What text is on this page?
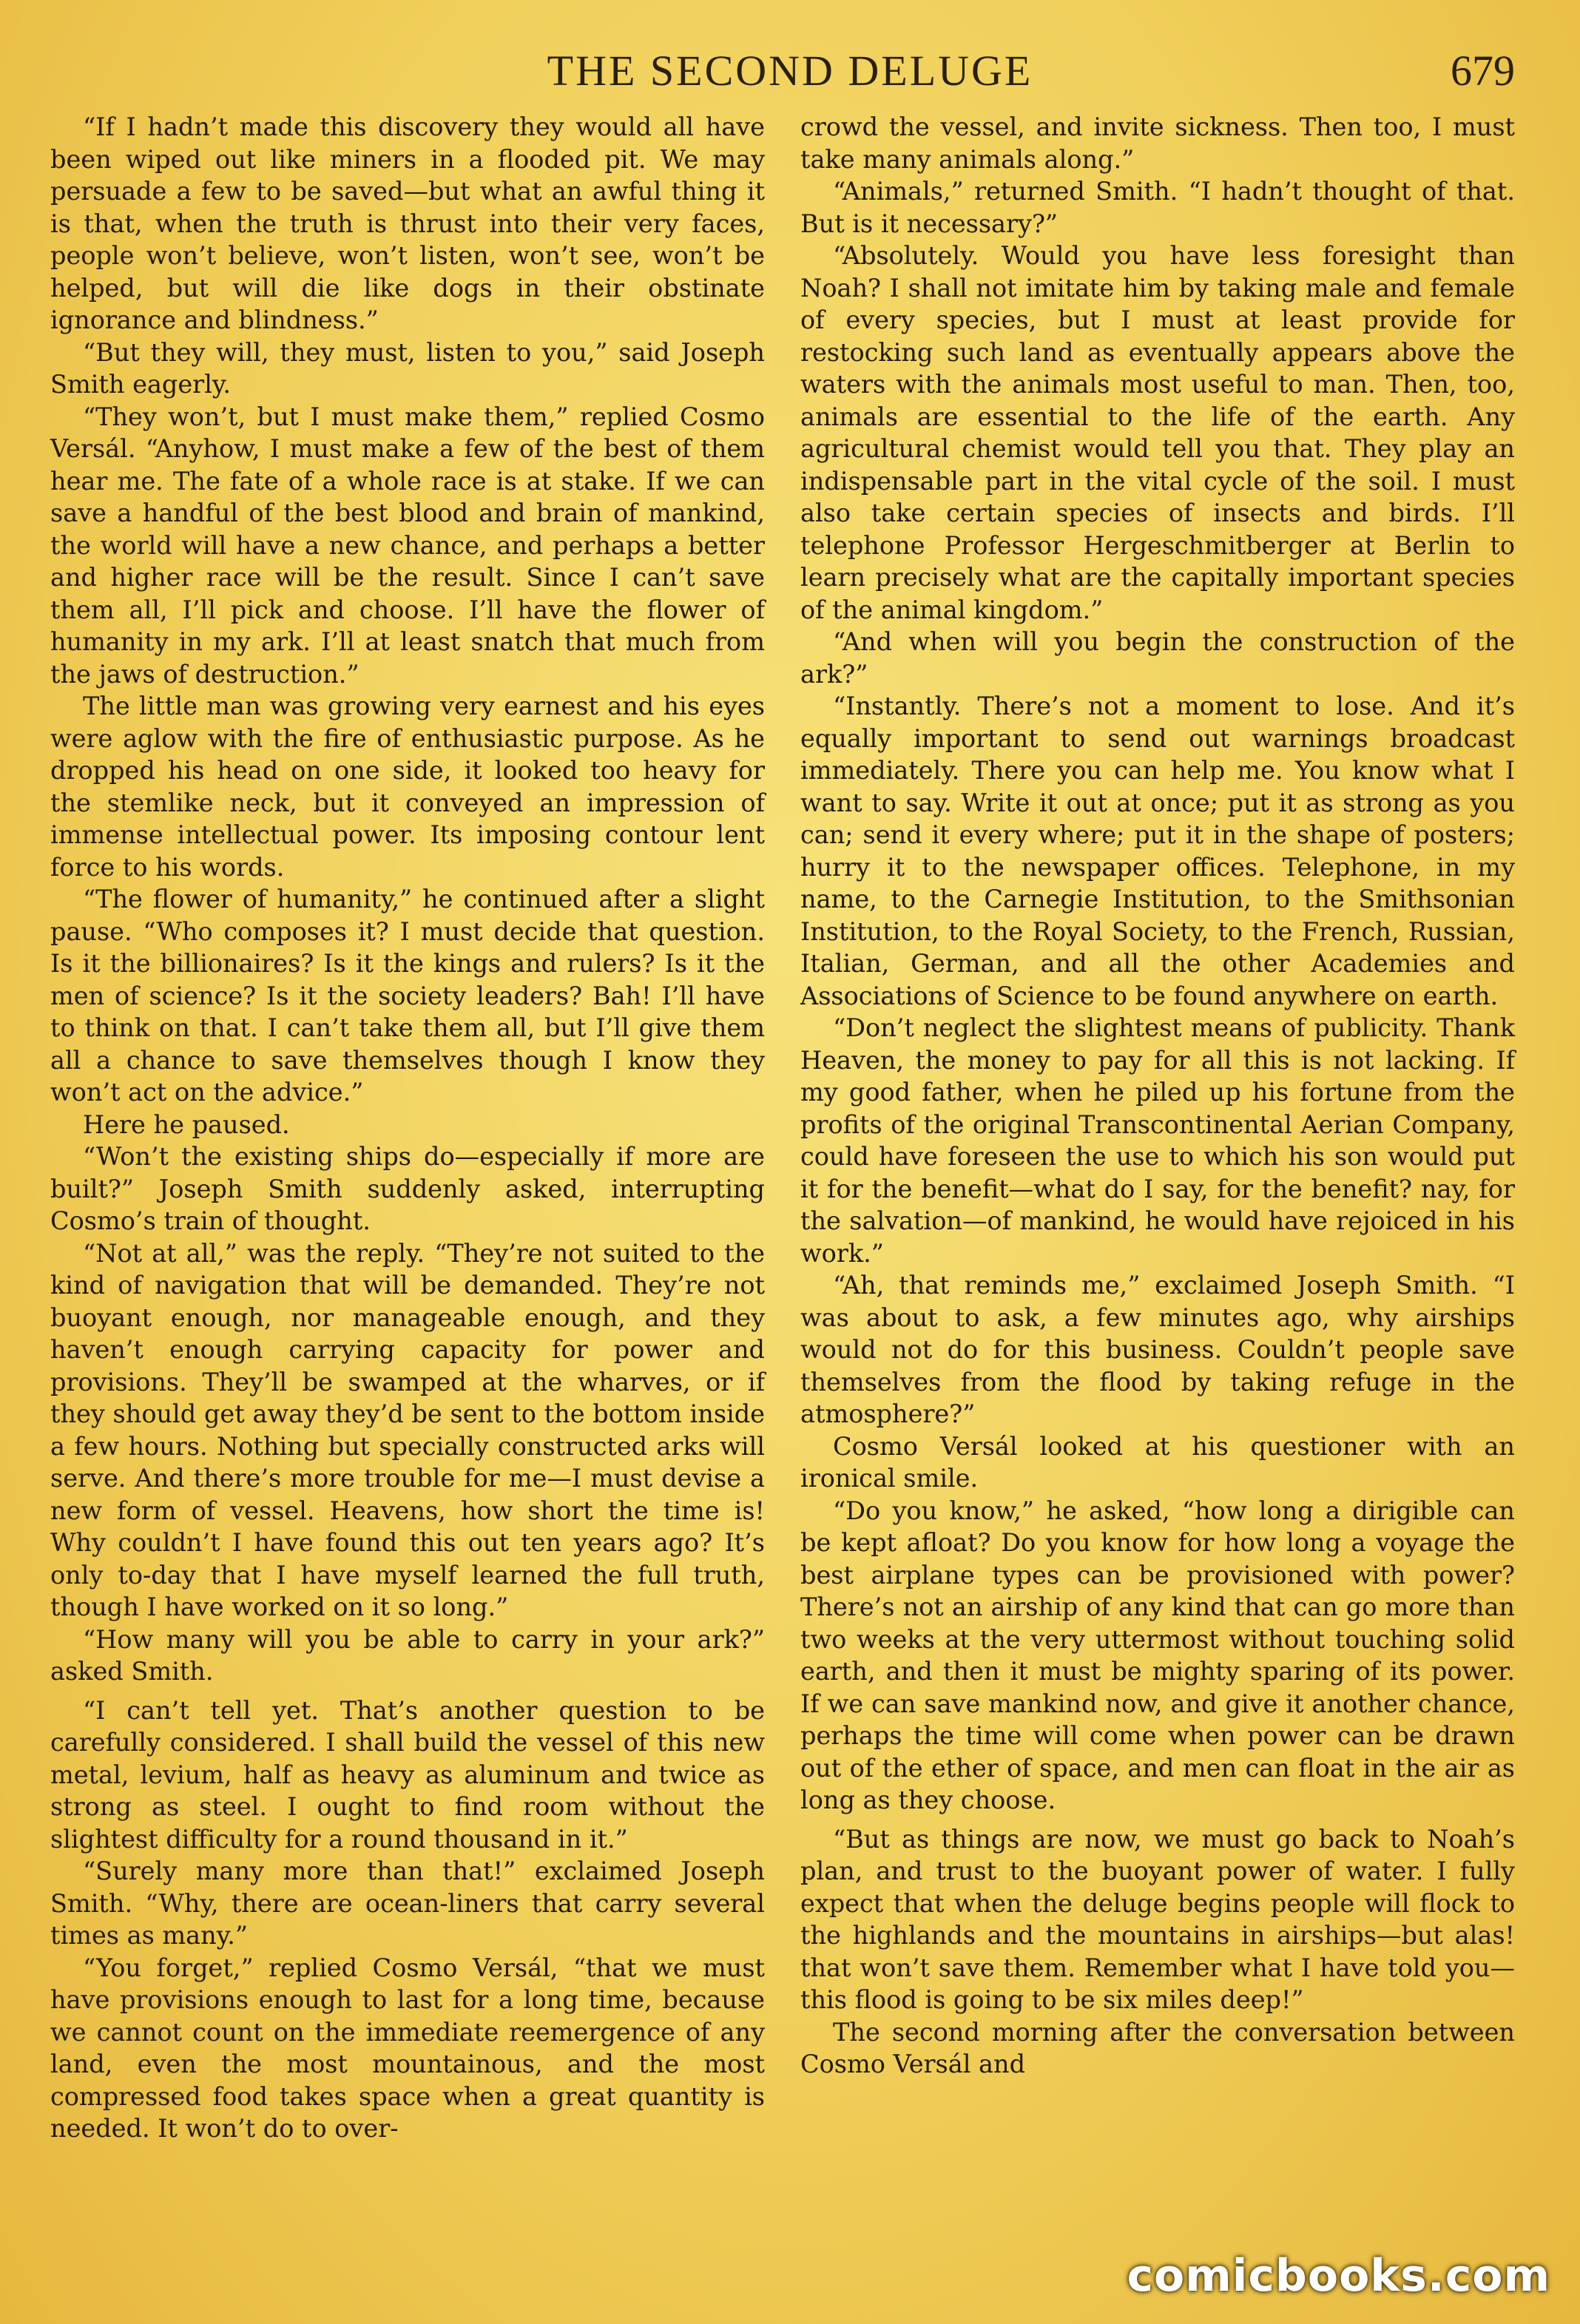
THE SECOND DELUGE	679

“If I hadn’t made this discovery they would all have been wiped out like miners in a flooded pit. We may persuade a few to be saved—but what an awful thing it is that, when the truth is thrust into their very faces, people won’t believe, won’t listen, won’t see, won’t be helped, but will die like dogs in their obstinate ignorance and blindness.”

“But they will, they must, listen to you,” said Joseph Smith eagerly.

“They won’t, but I must make them,” replied Cosmo Versál. “Anyhow, I must make a few of the best of them hear me. The fate of a whole race is at stake. If we can save a handful of the best blood and brain of mankind, the world will have a new chance, and perhaps a better and higher race will be the result. Since I can’t save them all, I’ll pick and choose. I’ll have the flower of humanity in my ark. I’ll at least snatch that much from the jaws of destruction.”

The little man was growing very earnest and his eyes were aglow with the fire of enthusiastic purpose. As he dropped his head on one side, it looked too heavy for the stemlike neck, but it conveyed an impression of immense intellectual power. Its imposing contour lent force to his words.

“The flower of humanity,” he continued after a slight pause. “Who composes it? I must decide that question. Is it the billionaires? Is it the kings and rulers? Is it the men of science? Is it the society leaders? Bah! I’ll have to think on that. I can’t take them all, but I’ll give them all a chance to save themselves though I know they won’t act on the advice.”

Here he paused.

“Won’t the existing ships do—especially if more are built?” Joseph Smith suddenly asked, interrupting Cosmo’s train of thought.

“Not at all,” was the reply. “They’re not suited to the kind of navigation that will be demanded. They’re not buoyant enough, nor manageable enough, and they haven’t enough carrying capacity for power and provisions. They’ll be swamped at the wharves, or if they should get away they’d be sent to the bottom inside a few hours. Nothing but specially constructed arks will serve. And there’s more trouble for me—I must devise a new form of vessel. Heavens, how short the time is! Why couldn’t I have found this out ten years ago? It’s only to-day that I have myself learned the full truth, though I have worked on it so long.”

“How many will you be able to carry in your ark?” asked Smith.

“I can’t tell yet. That’s another question to be carefully considered. I shall build the vessel of this new metal, levium, half as heavy as aluminum and twice as strong as steel. I ought to find room without the slightest difficulty for a round thousand in it.”

“Surely many more than that!” exclaimed Joseph Smith. “Why, there are ocean-liners that carry several times as many.”

“You forget,” replied Cosmo Versál, “that we must have provisions enough to last for a long time, because we cannot count on the immediate reemergence of any land, even the most mountainous, and the most compressed food takes space when a great quantity is needed. It won’t do to over-

crowd the vessel, and invite sickness. Then too, I must take many animals along.”

“Animals,” returned Smith. “I hadn’t thought of that. But is it necessary?”

“Absolutely. Would you have less foresight than Noah? I shall not imitate him by taking male and female of every species, but I must at least provide for restocking such land as eventually appears above the waters with the animals most useful to man. Then, too, animals are essential to the life of the earth. Any agricultural chemist would tell you that. They play an indispensable part in the vital cycle of the soil. I must also take certain species of insects and birds. I’ll telephone Professor Hergeschmitberger at Berlin to learn precisely what are the capitally important species of the animal kingdom.”

“And when will you begin the construction of the ark?”

“Instantly. There’s not a moment to lose. And it’s equally important to send out warnings broadcast immediately. There you can help me. You know what I want to say. Write it out at once; put it as strong as you can; send it every where; put it in the shape of posters; hurry it to the newspaper offices. Telephone, in my name, to the Carnegie Institution, to the Smithsonian Institution, to the Royal Society, to the French, Russian, Italian, German, and all the other Academies and Associations of Science to be found anywhere on earth.

“Don’t neglect the slightest means of publicity. Thank Heaven, the money to pay for all this is not lacking. If my good father, when he piled up his fortune from the profits of the original Transcontinental Aerian Company, could have foreseen the use to which his son would put it for the benefit—what do I say, for the benefit? nay, for the salvation—of mankind, he would have rejoiced in his work.”

“Ah, that reminds me,” exclaimed Joseph Smith. “I was about to ask, a few minutes ago, why airships would not do for this business. Couldn’t people save themselves from the flood by taking refuge in the atmosphere?”

Cosmo Versál looked at his questioner with an ironical smile.

“Do you know,” he asked, “how long a dirigible can be kept afloat? Do you know for how long a voyage the best airplane types can be provisioned with power? There’s not an airship of any kind that can go more than two weeks at the very uttermost without touching solid earth, and then it must be mighty sparing of its power. If we can save mankind now, and give it another chance, perhaps the time will come when power can be drawn out of the ether of space, and men can float in the air as long as they choose.

“But as things are now, we must go back to Noah’s plan, and trust to the buoyant power of water. I fully expect that when the deluge begins people will flock to the highlands and the mountains in airships—but alas! that won’t save them. Remember what I have told you—this flood is going to be six miles deep!”

The second morning after the conversation between Cosmo Versál and

comicbooks.com
